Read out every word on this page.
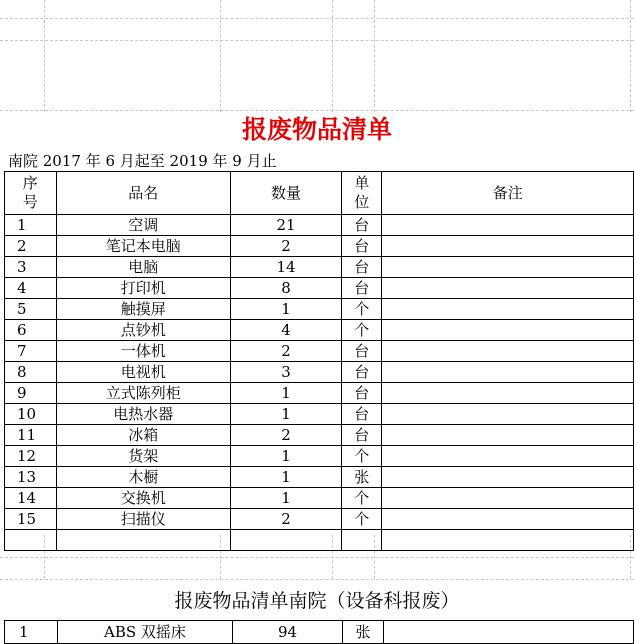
报废物品清单
南院 2017 年 6 月起至 2019 年 9 月止
序号	品名	数量	单位	备注
1	空调	21	台	
2	笔记本电脑	2	台	
3	电脑	14	台	
4	打印机	8	台	
5	触摸屏	1	个	
6	点钞机	4	个	
7	一体机	2	台	
8	电视机	3	台	
9	立式陈列柜	1	台	
10	电热水器	1	台	
11	冰箱	2	台	
12	货架	1	个	
13	木橱	1	张	
14	交换机	1	个	
15	扫描仪	2	个	

报废物品清单南院（设备科报废）
1	ABS 双摇床	94	张	
